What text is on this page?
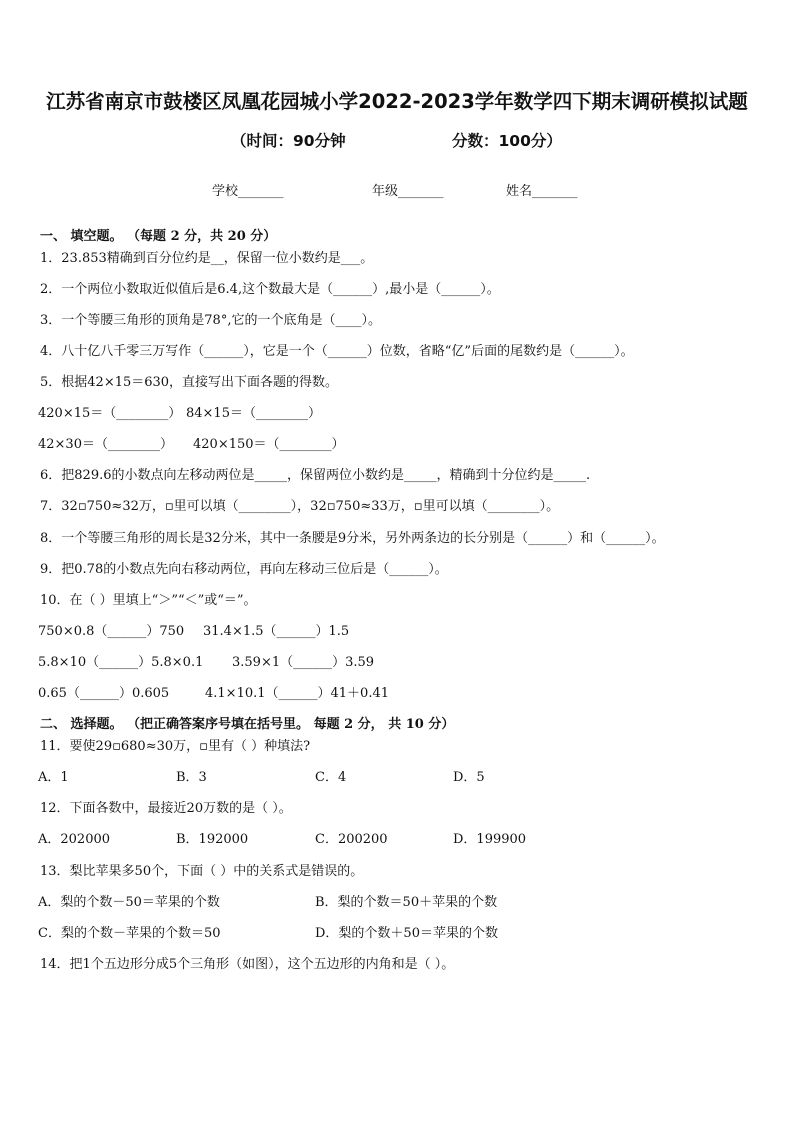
江苏省南京市鼓楼区凤凰花园城小学2022-2023学年数学四下期末调研模拟试题
（时间：90分钟	分数：100分）
学校_______	年级_______	姓名_______
一、 填空题。 （每题 2 分，共 20 分）
1．23.853精确到百分位约是__，保留一位小数约是___。
2．一个两位小数取近似值后是6.4,这个数最大是（______）,最小是（______）。
3．一个等腰三角形的顶角是78°,它的一个底角是（____）。
4．八十亿八千零三万写作（______），它是一个（______）位数，省略“亿”后面的尾数约是（______）。
5．根据42×15＝630，直接写出下面各题的得数。
420×15＝（________） 84×15＝（________）
42×30＝（________） 420×150＝（________）
6．把829.6的小数点向左移动两位是_____，保留两位小数约是_____，精确到十分位约是_____.
7．32▫750≈32万，▫里可以填（________），32▫750≈33万，▫里可以填（________）。
8．一个等腰三角形的周长是32分米，其中一条腰是9分米，另外两条边的长分别是（______）和（______）。
9．把0.78的小数点先向右移动两位，再向左移动三位后是（______）。
10．在（ ）里填上“＞”“＜”或“＝”。
750×0.8（______）750 31.4×1.5（______）1.5
5.8×10（______）5.8×0.1 3.59×1（______）3.59
0.65（______）0.605	4.1×10.1（______）41＋0.41
二、 选择题。 （把正确答案序号填在括号里。 每题 2 分， 共 10 分）
11．要使29▫680≈30万，▫里有（ ）种填法?
A．1	B．3	C．4	D．5
12．下面各数中，最接近20万数的是（ ）。
A．202000	B．192000	C．200200	D．199900
13．梨比苹果多50个，下面（ ）中的关系式是错误的。
A．梨的个数－50＝苹果的个数	B．梨的个数＝50＋苹果的个数
C．梨的个数－苹果的个数＝50	D．梨的个数＋50＝苹果的个数
14．把1个五边形分成5个三角形（如图），这个五边形的内角和是（ ）。
